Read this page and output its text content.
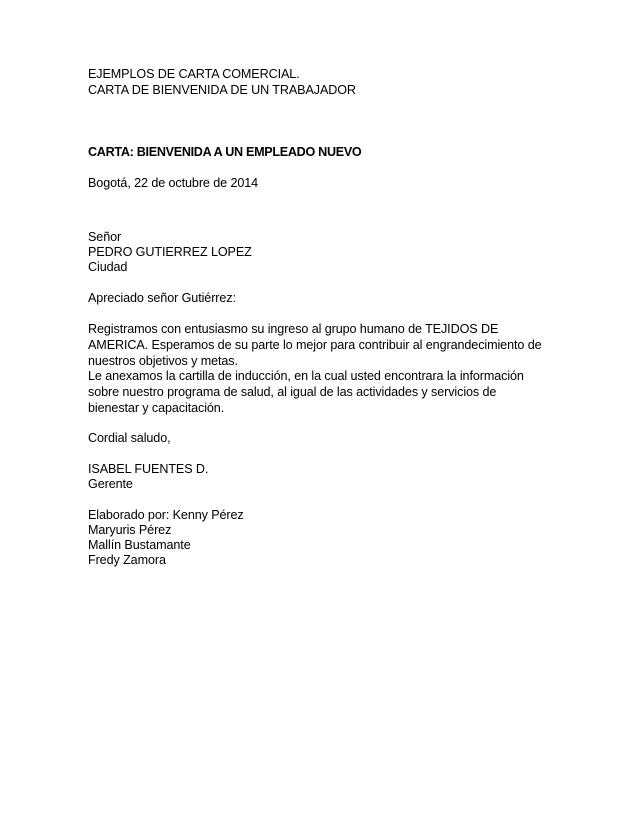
EJEMPLOS DE CARTA COMERCIAL.
CARTA DE BIENVENIDA DE UN TRABAJADOR
CARTA: BIENVENIDA A UN EMPLEADO NUEVO
Bogotá, 22 de octubre de 2014
Señor
PEDRO GUTIERREZ LOPEZ
Ciudad
Apreciado señor Gutiérrez:
Registramos con entusiasmo su ingreso al grupo humano de TEJIDOS DE
AMERICA. Esperamos de su parte lo mejor para contribuir al engrandecimiento de
nuestros objetivos y metas.
Le anexamos la cartilla de inducción, en la cual usted encontrara la información
sobre nuestro programa de salud, al igual de las actividades y servicios de
bienestar y capacitación.
Cordial saludo,
ISABEL FUENTES D.
Gerente
Elaborado por: Kenny Pérez
Maryuris Pérez
Mallín Bustamante
Fredy Zamora
